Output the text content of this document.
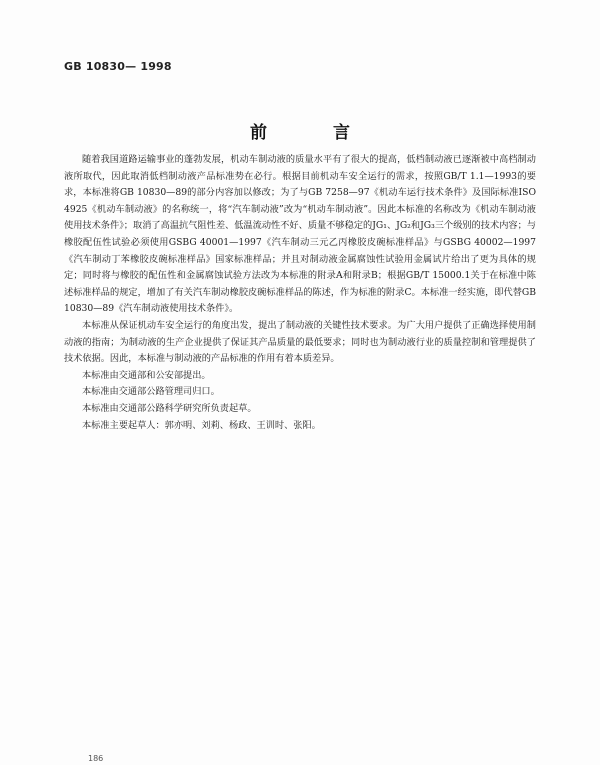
GB 10830— 1998
前 言

随着我国道路运输事业的蓬勃发展，机动车制动液的质量水平有了很大的提高，低档制动液已逐渐被中高档制动液所取代，因此取消低档制动液产品标准势在必行。根据目前机动车安全运行的需求，按照GB/T 1.1—1993的要求，本标准将GB 10830—89的部分内容加以修改；为了与GB 7258—97《机动车运行技术条件》及国际标准ISO 4925《机动车制动液》的名称统一，将“汽车制动液”改为“机动车制动液”。因此本标准的名称改为《机动车制动液使用技术条件》；取消了高温抗气阻性差、低温流动性不好、质量不够稳定的JG₁、JG₂和JG₃三个级别的技术内容；与橡胶配伍性试验必须使用GSBG 40001—1997《汽车制动三元乙丙橡胶皮碗标准样品》与GSBG 40002—1997《汽车制动丁苯橡胶皮碗标准样品》国家标准样品；并且对制动液金属腐蚀性试验用金属试片给出了更为具体的规定；同时将与橡胶的配伍性和金属腐蚀试验方法改为本标准的附录A和附录B；根据GB/T 15000.1关于在标准中陈述标准样品的规定，增加了有关汽车制动橡胶皮碗标准样品的陈述，作为标准的附录C。本标准一经实施，即代替GB 10830—89《汽车制动液使用技术条件》。

本标准从保证机动车安全运行的角度出发，提出了制动液的关键性技术要求。为广大用户提供了正确选择使用制动液的指南；为制动液的生产企业提供了保证其产品质量的最低要求；同时也为制动液行业的质量控制和管理提供了技术依据。因此，本标准与制动液的产品标准的作用有着本质差异。

本标准由交通部和公安部提出。

本标准由交通部公路管理司归口。

本标准由交通部公路科学研究所负责起草。

本标准主要起草人：郭亦明、刘莉、杨政、王训时、张阳。

186
